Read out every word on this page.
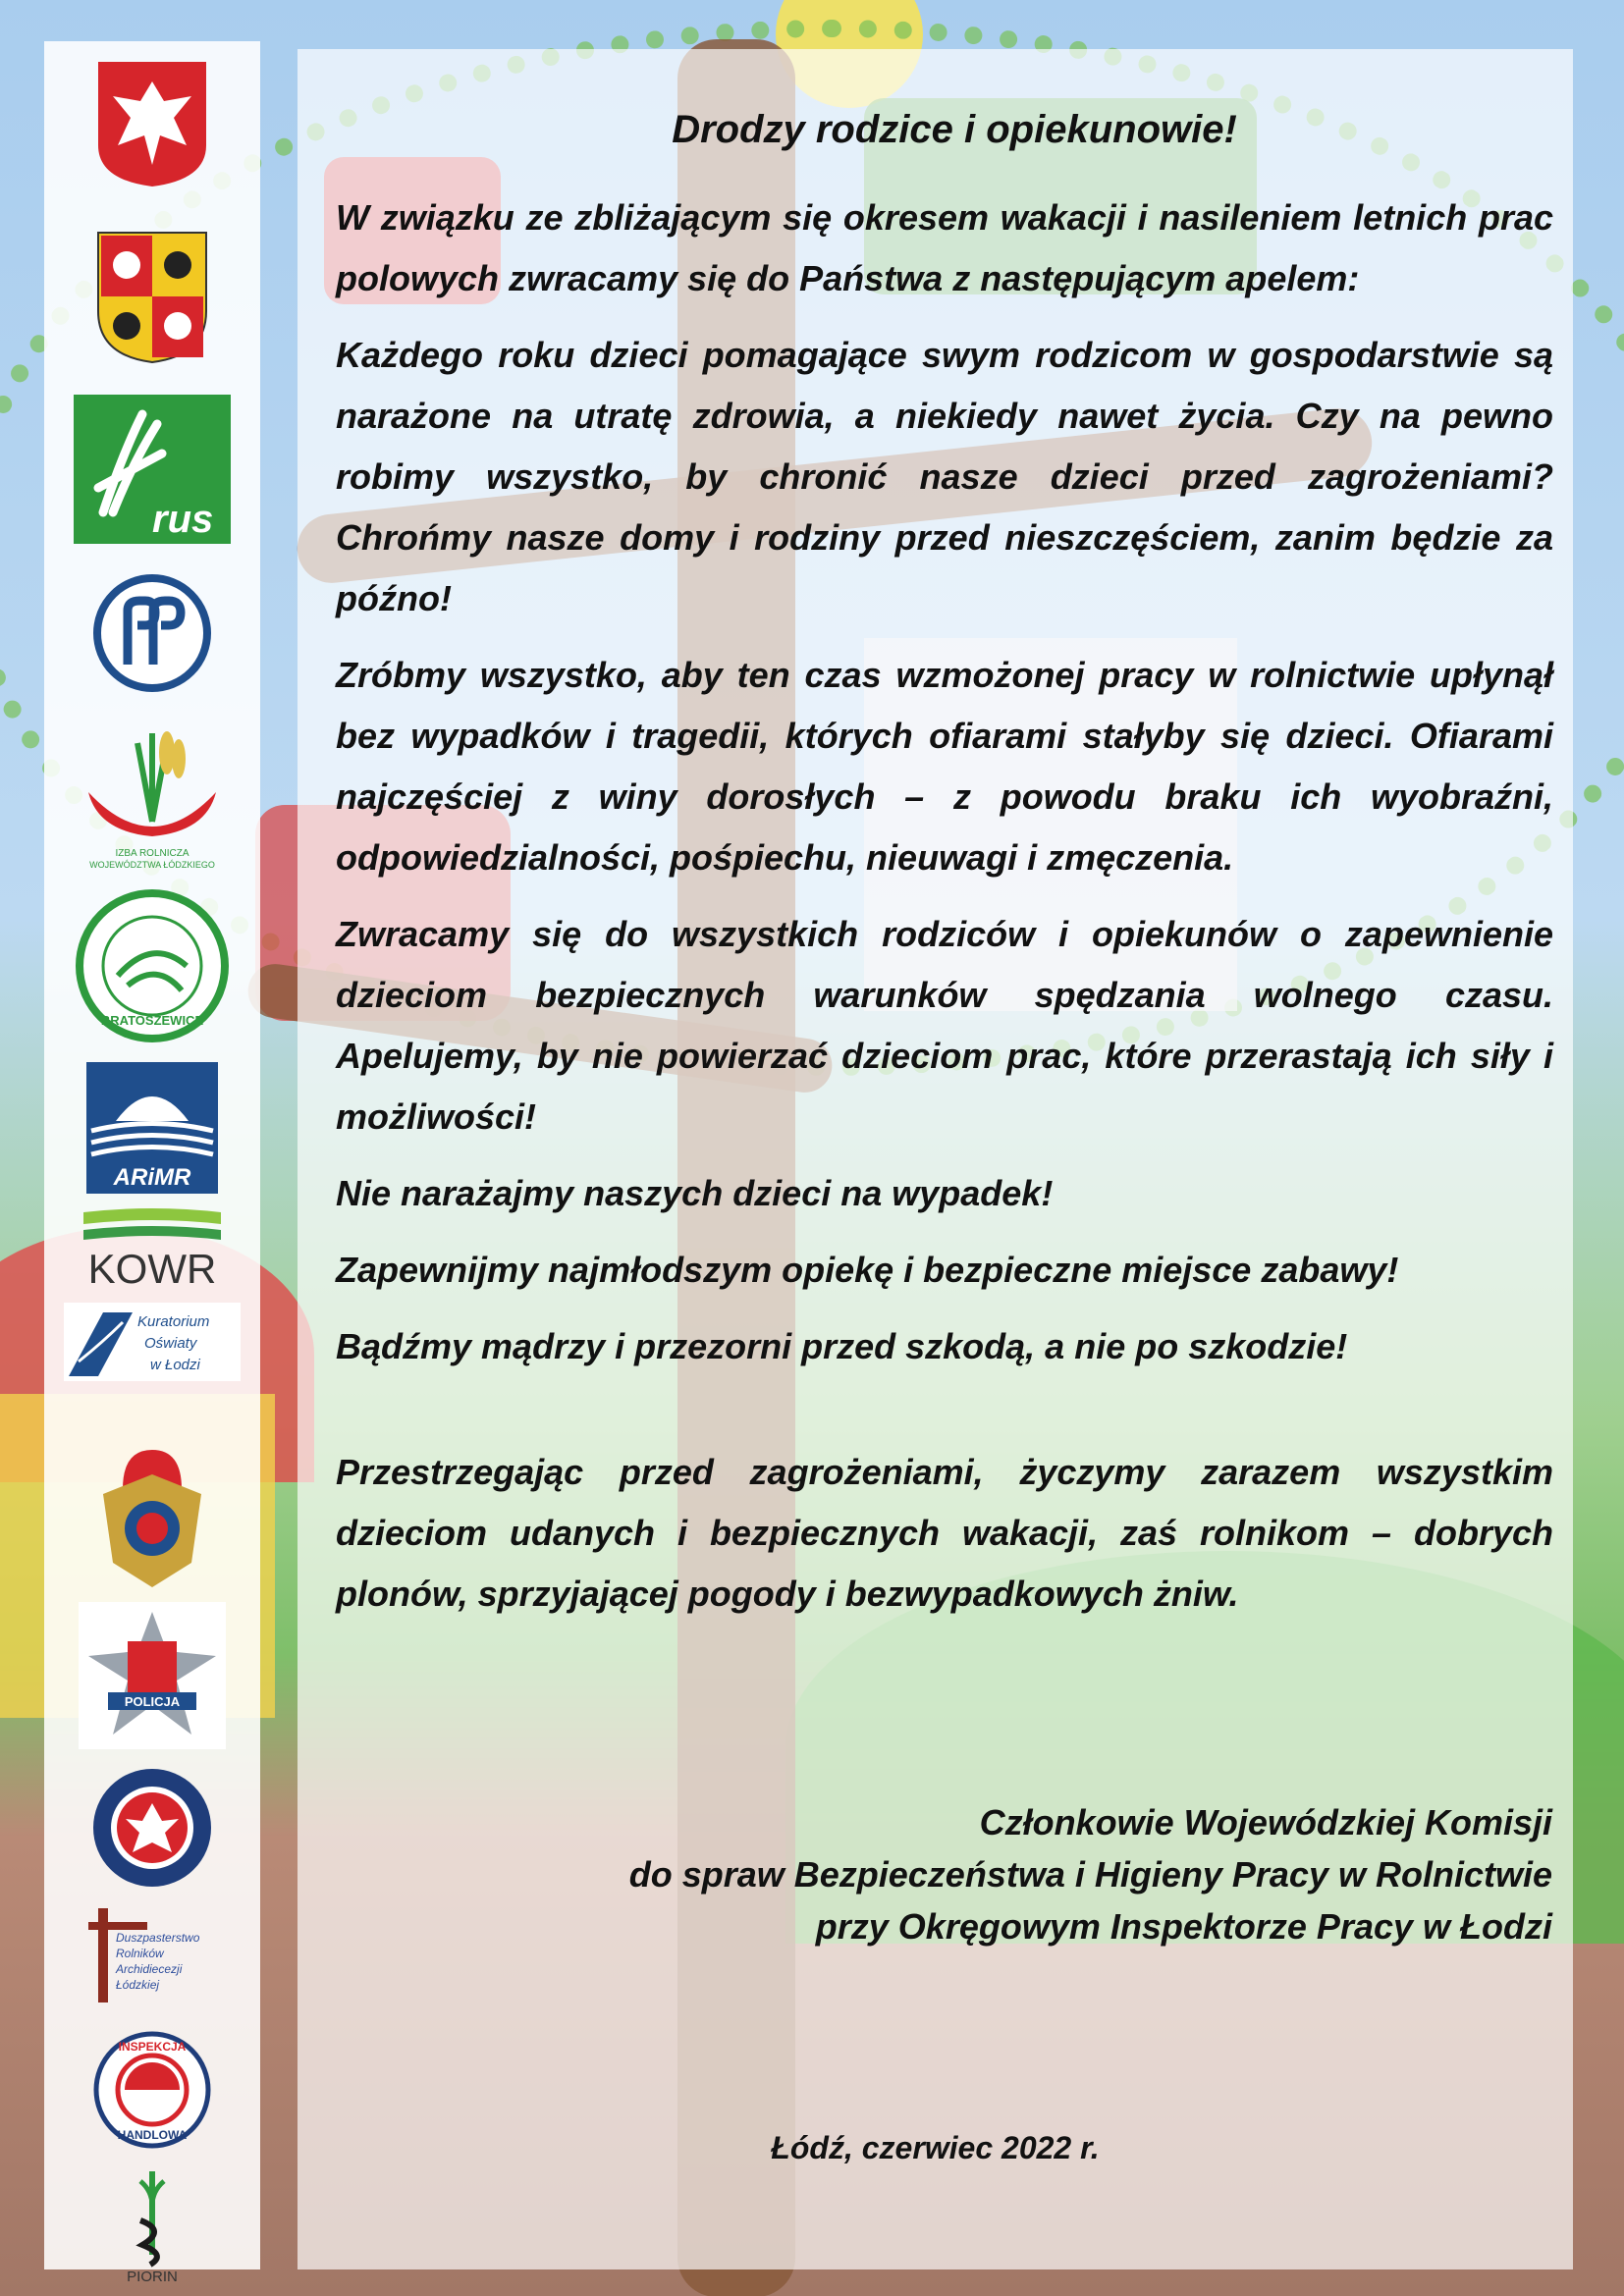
rus
IZBA ROLNICZA
WOJEWÓDZTWA ŁÓDZKIEGO
BRATOSZEWICE
ARiMR
KOWR
Kuratorium
Oświaty
w Łodzi
POLICJA
Duszpasterstwo
Rolników
Archidiecezji
Łódzkiej
INSPEKCJA
HANDLOWA
PIORIN
Drodzy rodzice i opiekunowie!

W związku ze zbliżającym się okresem wakacji i nasileniem letnich prac polowych zwracamy się do Państwa z następującym apelem:

Każdego roku dzieci pomagające swym rodzicom w gospodarstwie są narażone na utratę zdrowia, a niekiedy nawet życia. Czy na pewno robimy wszystko, by chronić nasze dzieci przed zagrożeniami? Chrońmy nasze domy i rodziny przed nieszczęściem, zanim będzie za późno!

Zróbmy wszystko, aby ten czas wzmożonej pracy w rolnictwie upłynął bez wypadków i tragedii, których ofiarami stałyby się dzieci. Ofiarami najczęściej z winy dorosłych – z powodu braku ich wyobraźni, odpowiedzialności, pośpiechu, nieuwagi i zmęczenia.

Zwracamy się do wszystkich rodziców i opiekunów o zapewnienie dzieciom bezpiecznych warunków spędzania wolnego czasu. Apelujemy, by nie powierzać dzieciom prac, które przerastają ich siły i możliwości!

Nie narażajmy naszych dzieci na wypadek!

Zapewnijmy najmłodszym opiekę i bezpieczne miejsce zabawy!

Bądźmy mądrzy i przezorni przed szkodą, a nie po szkodzie!

Przestrzegając przed zagrożeniami, życzymy zarazem wszystkim dzieciom udanych i bezpiecznych wakacji, zaś rolnikom – dobrych plonów, sprzyjającej pogody i bezwypadkowych żniw.

Członkowie Wojewódzkiej Komisji
do spraw Bezpieczeństwa i Higieny Pracy w Rolnictwie
przy Okręgowym Inspektorze Pracy w Łodzi
Łódź, czerwiec 2022 r.
